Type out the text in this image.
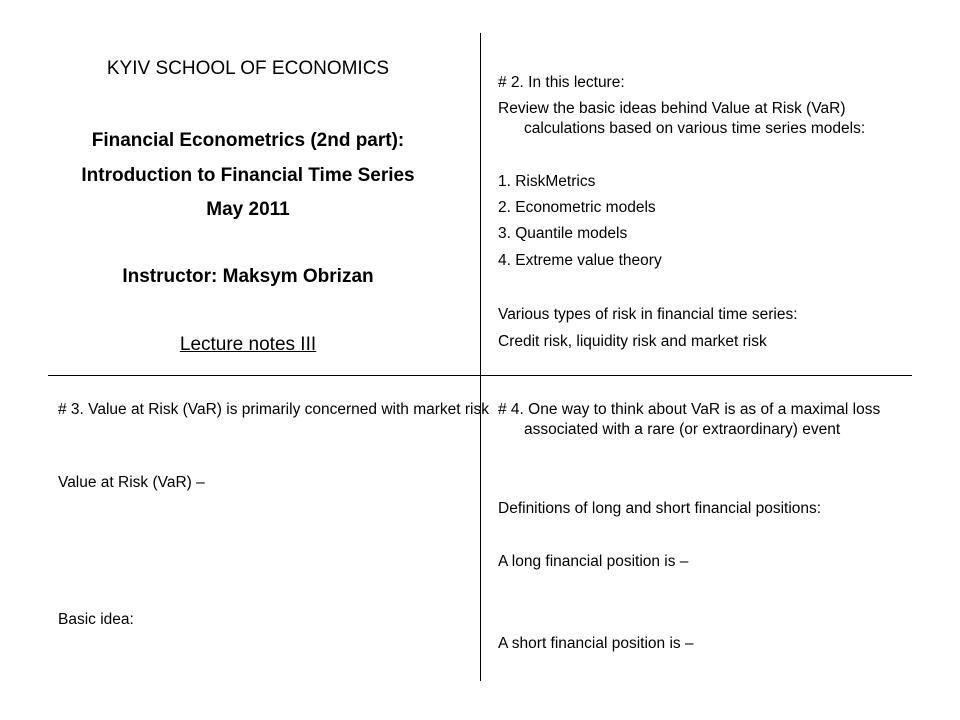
KYIV SCHOOL OF ECONOMICS
Financial Econometrics (2nd part):
Introduction to Financial Time Series
May 2011
Instructor: Maksym Obrizan
Lecture notes III

# 2. In this lecture:

Review the basic ideas behind Value at Risk (VaR) calculations based on various time series models:

1. RiskMetrics

2. Econometric models

3. Quantile models

4. Extreme value theory

Various types of risk in financial time series:

Credit risk, liquidity risk and market risk

# 3. Value at Risk (VaR) is primarily concerned with market risk

Value at Risk (VaR) –

Basic idea:

# 4. One way to think about VaR is as of a maximal loss associated with a rare (or extraordinary) event

Definitions of long and short financial positions:

A long financial position is –

A short financial position is –
